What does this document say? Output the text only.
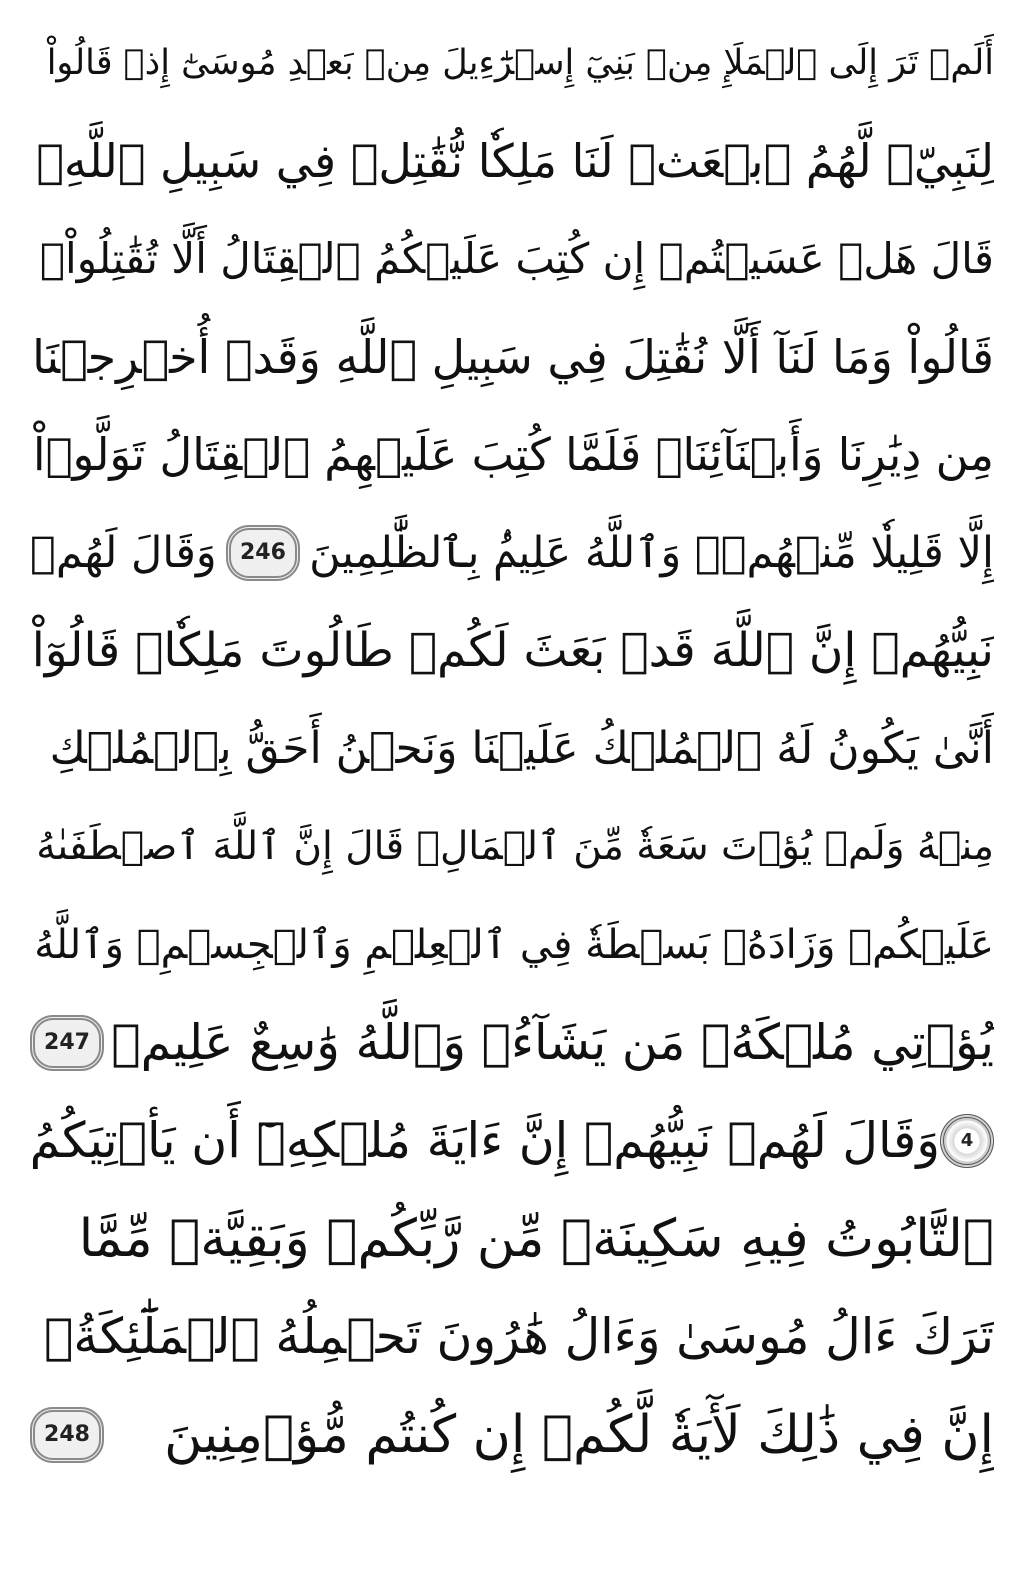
أَلَمۡ تَرَ إِلَى ٱلۡمَلَإِ مِنۢ بَنِيٓ إِسۡرَٰٓءِيلَ مِنۢ بَعۡدِ مُوسَىٰٓ إِذۡ قَالُواْ
لِنَبِيّٖ لَّهُمُ ٱبۡعَثۡ لَنَا مَلِكٗا نُّقَٰتِلۡ فِي سَبِيلِ ٱللَّهِۖ
قَالَ هَلۡ عَسَيۡتُمۡ إِن كُتِبَ عَلَيۡكُمُ ٱلۡقِتَالُ أَلَّا تُقَٰتِلُواْۖ
قَالُواْ وَمَا لَنَآ أَلَّا نُقَٰتِلَ فِي سَبِيلِ ٱللَّهِ وَقَدۡ أُخۡرِجۡنَا
مِن دِيَٰرِنَا وَأَبۡنَآئِنَاۖ فَلَمَّا كُتِبَ عَلَيۡهِمُ ٱلۡقِتَالُ تَوَلَّوۡاْ
إِلَّا قَلِيلٗا مِّنۡهُمۡۚ وَٱللَّهُ عَلِيمُۢ بِٱلظَّٰلِمِينَ
246
وَقَالَ لَهُمۡ
نَبِيُّهُمۡ إِنَّ ٱللَّهَ قَدۡ بَعَثَ لَكُمۡ طَالُوتَ مَلِكٗاۚ قَالُوٓاْ
أَنَّىٰ يَكُونُ لَهُ ٱلۡمُلۡكُ عَلَيۡنَا وَنَحۡنُ أَحَقُّ بِٱلۡمُلۡكِ
مِنۡهُ وَلَمۡ يُؤۡتَ سَعَةٗ مِّنَ ٱلۡمَالِۚ قَالَ إِنَّ ٱللَّهَ ٱصۡطَفَىٰهُ
عَلَيۡكُمۡ وَزَادَهُۥ بَسۡطَةٗ فِي ٱلۡعِلۡمِ وَٱلۡجِسۡمِۖ وَٱللَّهُ
يُؤۡتِي مُلۡكَهُۥ مَن يَشَآءُۚ وَٱللَّهُ وَٰسِعٌ عَلِيمٞ
247
4
وَقَالَ لَهُمۡ نَبِيُّهُمۡ إِنَّ ءَايَةَ مُلۡكِهِۦٓ أَن يَأۡتِيَكُمُ
ٱلتَّابُوتُ فِيهِ سَكِينَةٞ مِّن رَّبِّكُمۡ وَبَقِيَّةٞ مِّمَّا
تَرَكَ ءَالُ مُوسَىٰ وَءَالُ هَٰرُونَ تَحۡمِلُهُ ٱلۡمَلَٰٓئِكَةُۚ
إِنَّ فِي ذَٰلِكَ لَأٓيَةٗ لَّكُمۡ إِن كُنتُم مُّؤۡمِنِينَ
248
